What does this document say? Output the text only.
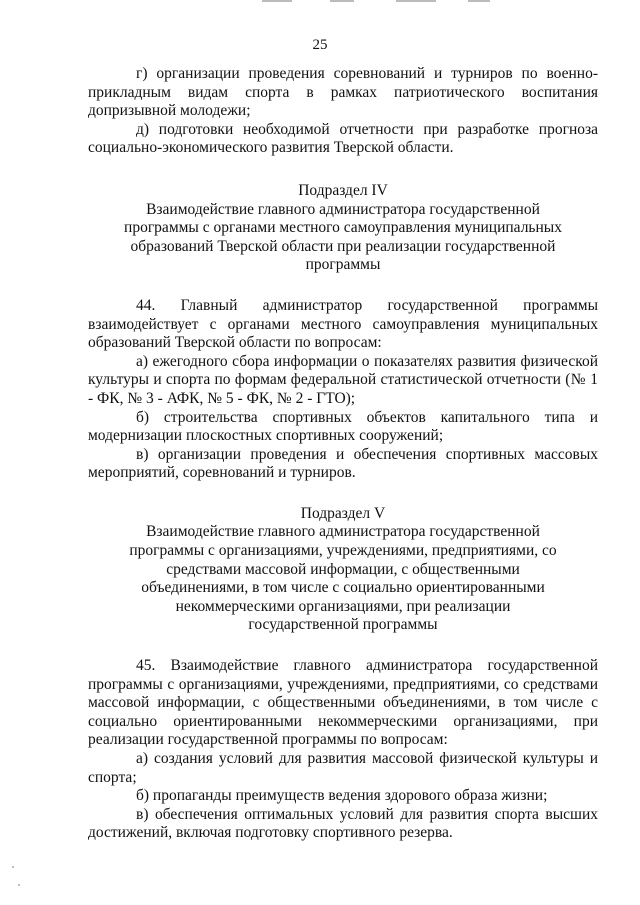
25

г) организации проведения соревнований и турниров по военно-прикладным видам спорта в рамках патриотического воспитания допризывной молодежи;

д) подготовки необходимой отчетности при разработке прогноза социально-экономического развития Тверской области.

Подраздел IV
Взаимодействие главного администратора государственной программы с органами местного самоуправления муниципальных образований Тверской области при реализации государственной программы

44. Главный администратор государственной программы взаимодействует с органами местного самоуправления муниципальных образований Тверской области по вопросам:

а) ежегодного сбора информации о показателях развития физической культуры и спорта по формам федеральной статистической отчетности (№ 1 - ФК, № 3 - АФК, № 5 - ФК, № 2 - ГТО);

б) строительства спортивных объектов капитального типа и модернизации плоскостных спортивных сооружений;

в) организации проведения и обеспечения спортивных массовых мероприятий, соревнований и турниров.

Подраздел V
Взаимодействие главного администратора государственной программы с организациями, учреждениями, предприятиями, со средствами массовой информации, с общественными объединениями, в том числе с социально ориентированными некоммерческими организациями, при реализации государственной программы

45. Взаимодействие главного администратора государственной программы с организациями, учреждениями, предприятиями, со средствами массовой информации, с общественными объединениями, в том числе с социально ориентированными некоммерческими организациями, при реализации государственной программы по вопросам:

а) создания условий для развития массовой физической культуры и спорта;

б) пропаганды преимуществ ведения здорового образа жизни;

в) обеспечения оптимальных условий для развития спорта высших достижений, включая подготовку спортивного резерва.
